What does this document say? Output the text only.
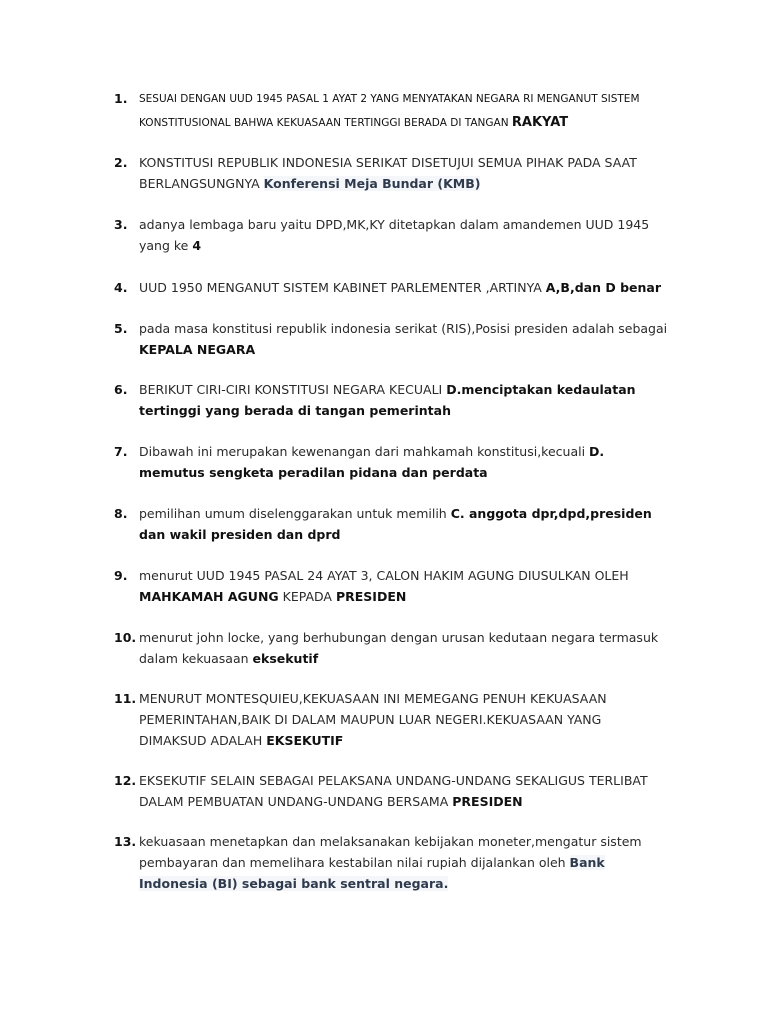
1. SESUAI DENGAN UUD 1945 PASAL 1 AYAT 2 YANG MENYATAKAN NEGARA RI MENGANUT SISTEM KONSTITUSIONAL BAHWA KEKUASAAN TERTINGGI BERADA DI TANGAN RAKYAT
2. KONSTITUSI REPUBLIK INDONESIA SERIKAT DISETUJUI SEMUA PIHAK PADA SAAT BERLANGSUNGNYA Konferensi Meja Bundar (KMB)
3. adanya lembaga baru yaitu DPD,MK,KY ditetapkan dalam amandemen UUD 1945 yang ke 4
4. UUD 1950 MENGANUT SISTEM KABINET PARLEMENTER ,ARTINYA A,B,dan D benar
5. pada masa konstitusi republik indonesia serikat (RIS),Posisi presiden adalah sebagai KEPALA NEGARA
6. BERIKUT CIRI-CIRI KONSTITUSI NEGARA KECUALI D.menciptakan kedaulatan tertinggi yang berada di tangan pemerintah
7. Dibawah ini merupakan kewenangan dari mahkamah konstitusi,kecuali D. memutus sengketa peradilan pidana dan perdata
8. pemilihan umum diselenggarakan untuk memilih C. anggota dpr,dpd,presiden dan wakil presiden dan dprd
9. menurut UUD 1945 PASAL 24 AYAT 3, CALON HAKIM AGUNG DIUSULKAN OLEH MAHKAMAH AGUNG KEPADA PRESIDEN
10. menurut john locke, yang berhubungan dengan urusan kedutaan negara termasuk dalam kekuasaan eksekutif
11. MENURUT MONTESQUIEU,KEKUASAAN INI MEMEGANG PENUH KEKUASAAN PEMERINTAHAN,BAIK DI DALAM MAUPUN LUAR NEGERI.KEKUASAAN YANG DIMAKSUD ADALAH EKSEKUTIF
12. EKSEKUTIF SELAIN SEBAGAI PELAKSANA UNDANG-UNDANG SEKALIGUS TERLIBAT DALAM PEMBUATAN UNDANG-UNDANG BERSAMA PRESIDEN
13. kekuasaan menetapkan dan melaksanakan kebijakan moneter,mengatur sistem pembayaran dan memelihara kestabilan nilai rupiah dijalankan oleh Bank Indonesia (BI) sebagai bank sentral negara.
